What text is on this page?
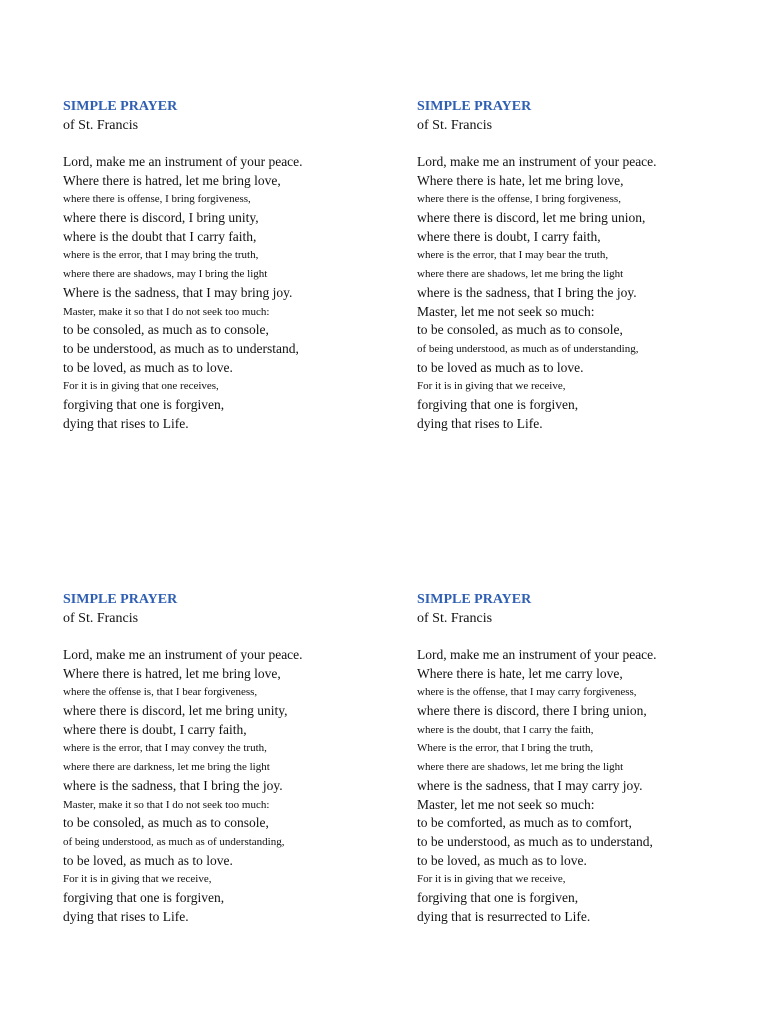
SIMPLE PRAYER
of St. Francis
Lord, make me an instrument of your peace.
Where there is hatred, let me bring love,
where there is offense, I bring forgiveness,
where there is discord, I bring unity,
where is the doubt that I carry faith,
where is the error, that I may bring the truth,
where there are shadows, may I bring the light
Where is the sadness, that I may bring joy.
Master, make it so that I do not seek too much:
to be consoled, as much as to console,
to be understood, as much as to understand,
to be loved, as much as to love.
For it is in giving that one receives,
forgiving that one is forgiven,
dying that rises to Life.
SIMPLE PRAYER
of St. Francis
Lord, make me an instrument of your peace.
Where there is hate, let me bring love,
where there is the offense, I bring forgiveness,
where there is discord, let me bring union,
where there is doubt, I carry faith,
where is the error, that I may bear the truth,
where there are shadows, let me bring the light
where is the sadness, that I bring the joy.
Master, let me not seek so much:
to be consoled, as much as to console,
of being understood, as much as of understanding,
to be loved as much as to love.
For it is in giving that we receive,
forgiving that one is forgiven,
dying that rises to Life.
SIMPLE PRAYER
of St. Francis
Lord, make me an instrument of your peace.
Where there is hatred, let me bring love,
where the offense is, that I bear forgiveness,
where there is discord, let me bring unity,
where there is doubt, I carry faith,
where is the error, that I may convey the truth,
where there are darkness, let me bring the light
where is the sadness, that I bring the joy.
Master, make it so that I do not seek too much:
to be consoled, as much as to console,
of being understood, as much as of understanding,
to be loved, as much as to love.
For it is in giving that we receive,
forgiving that one is forgiven,
dying that rises to Life.
SIMPLE PRAYER
of St. Francis
Lord, make me an instrument of your peace.
Where there is hate, let me carry love,
where is the offense, that I may carry forgiveness,
where there is discord, there I bring union,
where is the doubt, that I carry the faith,
Where is the error, that I bring the truth,
where there are shadows, let me bring the light
where is the sadness, that I may carry joy.
Master, let me not seek so much:
to be comforted, as much as to comfort,
to be understood, as much as to understand,
to be loved, as much as to love.
For it is in giving that we receive,
forgiving that one is forgiven,
dying that is resurrected to Life.
